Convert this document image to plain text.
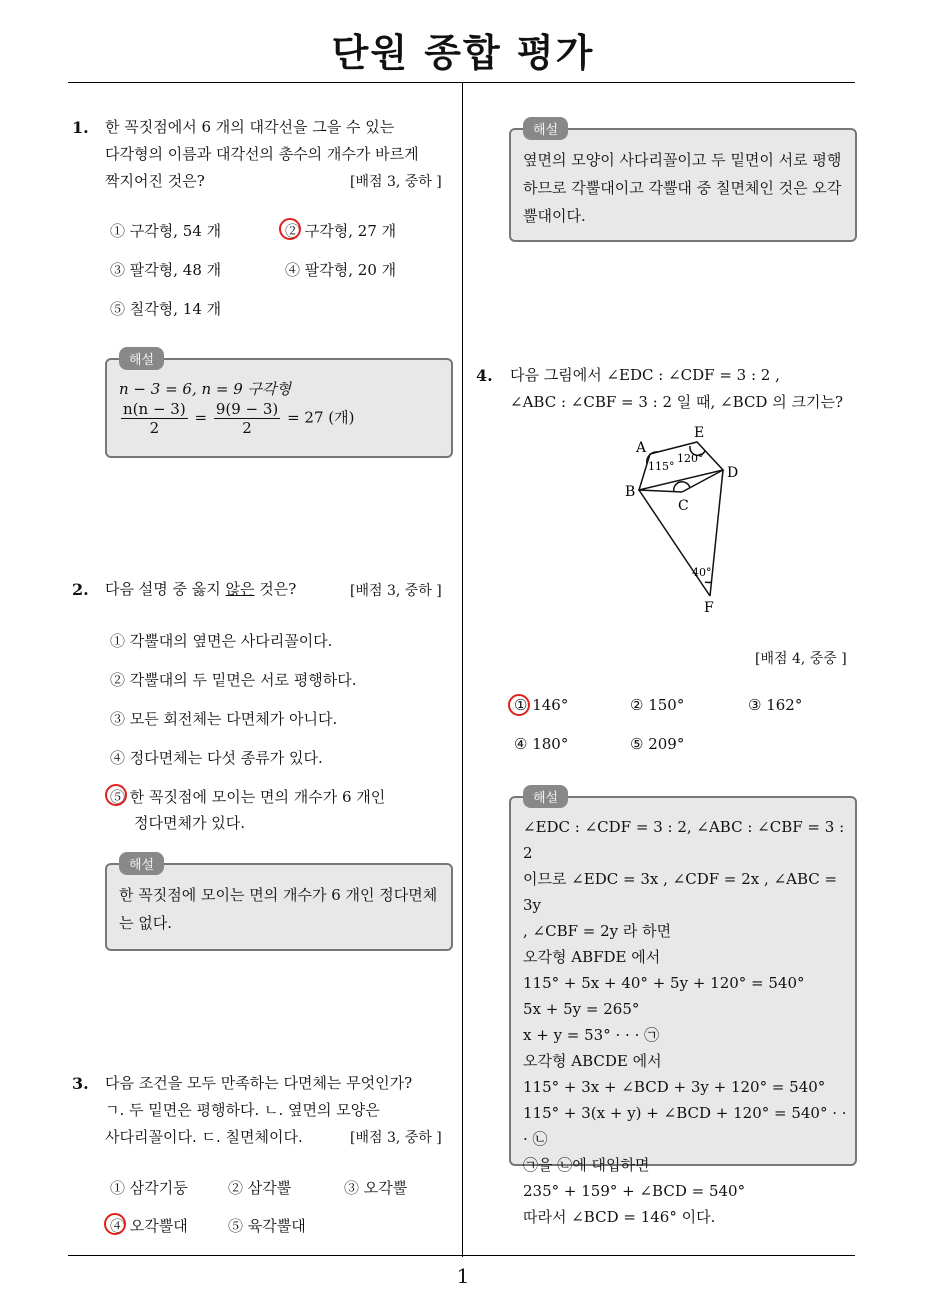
단원 종합 평가
1
1. 한 꼭짓점에서 6 개의 대각선을 그을 수 있는
다각형의 이름과 대각선의 총수의 개수가 바르게
짝지어진 것은?	[배점 3, 중하 ]
① 구각형, 54 개	② 구각형, 27 개
③ 팔각형, 48 개	④ 팔각형, 20 개
⑤ 칠각형, 14 개
n − 3 = 6, n = 9 구각형
$\frac{n(n - 3)}{2} = \frac{9(9 - 3)}{2} = 27$ (개)
해설
2. 다음 설명 중 옳지 않은 것은?	[배점 3, 중하 ]
① 각뿔대의 옆면은 사다리꼴이다.
② 각뿔대의 두 밑면은 서로 평행하다.
③ 모든 회전체는 다면체가 아니다.
④ 정다면체는 다섯 종류가 있다.
⑤ 한 꼭짓점에 모이는 면의 개수가 6 개인
정다면체가 있다.
한 꼭짓점에 모이는 면의 개수가 6 개인 정다면체
는 없다.
해설
3. 다음 조건을 모두 만족하는 다면체는 무엇인가?
ㄱ. 두 밑면은 평행하다. ㄴ. 옆면의 모양은
사다리꼴이다. ㄷ. 칠면체이다.	[배점 3, 중하 ]
① 삼각기둥	② 삼각뿔	③ 오각뿔
④ 오각뿔대	⑤ 육각뿔대
옆면의 모양이 사다리꼴이고 두 밑면이 서로 평행
하므로 각뿔대이고 각뿔대 중 칠면체인 것은 오각
뿔대이다.
해설
4. 다음 그림에서 ∠EDC : ∠CDF = 3 : 2 ,
∠ABC : ∠CBF = 3 : 2 일 때, ∠BCD 의 크기는?
A
E
D
B
C
F
115°
120°
40°
[배점 4, 중중 ]
① 146°	② 150°	③ 162°
④ 180°	⑤ 209°
∠EDC : ∠CDF = 3 : 2, ∠ABC : ∠CBF = 3 : 2
이므로 ∠EDC = 3x , ∠CDF = 2x , ∠ABC = 3y
, ∠CBF = 2y 라 하면
오각형 ABFDE 에서
115° + 5x + 40° + 5y + 120° = 540°
5x + 5y = 265°
x + y = 53° · · · ㉠
오각형 ABCDE 에서
115° + 3x + ∠BCD + 3y + 120° = 540°
115° + 3(x + y) + ∠BCD + 120° = 540° · · · ㉡
㉠을 ㉡에 대입하면
235° + 159° + ∠BCD = 540°
따라서 ∠BCD = 146° 이다.
해설
